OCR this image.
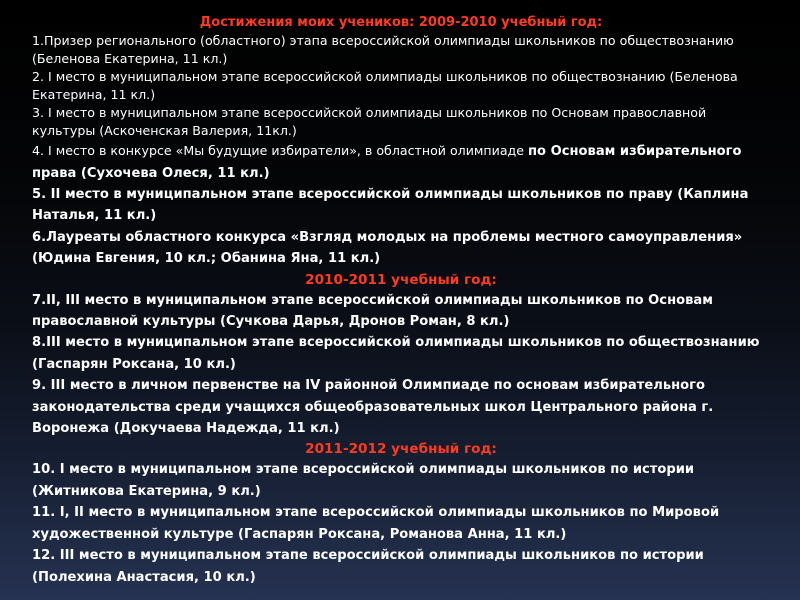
Достижения моих учеников: 2009-2010 учебный год:

1.Призер регионального (областного) этапа всероссийской олимпиады школьников по обществознанию (Беленова Екатерина, 11 кл.)

2. I место в муниципальном этапе всероссийской олимпиады школьников по обществознанию (Беленова Екатерина, 11 кл.)

3. I место в муниципальном этапе всероссийской олимпиады школьников по Основам православной культуры (Аскоченская Валерия, 11кл.)

4. I место в конкурсе «Мы будущие избиратели», в областной олимпиаде по Основам избирательного права (Сухочева Олеся, 11 кл.)

5. II место в муниципальном этапе всероссийской олимпиады школьников по праву (Каплина Наталья, 11 кл.)

6.Лауреаты областного конкурса «Взгляд молодых на проблемы местного самоуправления» (Юдина Евгения, 10 кл.; Обанина Яна, 11 кл.)

2010-2011 учебный год:

7.II, III место в муниципальном этапе всероссийской олимпиады школьников по Основам православной культуры (Сучкова Дарья, Дронов Роман, 8 кл.)

8.III место в муниципальном этапе всероссийской олимпиады школьников по обществознанию (Гаспарян Роксана, 10 кл.)

9. III место в личном первенстве на IV районной Олимпиаде по основам избирательного законодательства среди учащихся общеобразовательных школ Центрального района г. Воронежа (Докучаева Надежда, 11 кл.)

2011-2012 учебный год:

10. I место в муниципальном этапе всероссийской олимпиады школьников по истории (Житникова Екатерина, 9 кл.)

11. I, II место в муниципальном этапе всероссийской олимпиады школьников по Мировой художественной культуре (Гаспарян Роксана, Романова Анна, 11 кл.)

12. III место в муниципальном этапе всероссийской олимпиады школьников по истории (Полехина Анастасия, 10 кл.)
